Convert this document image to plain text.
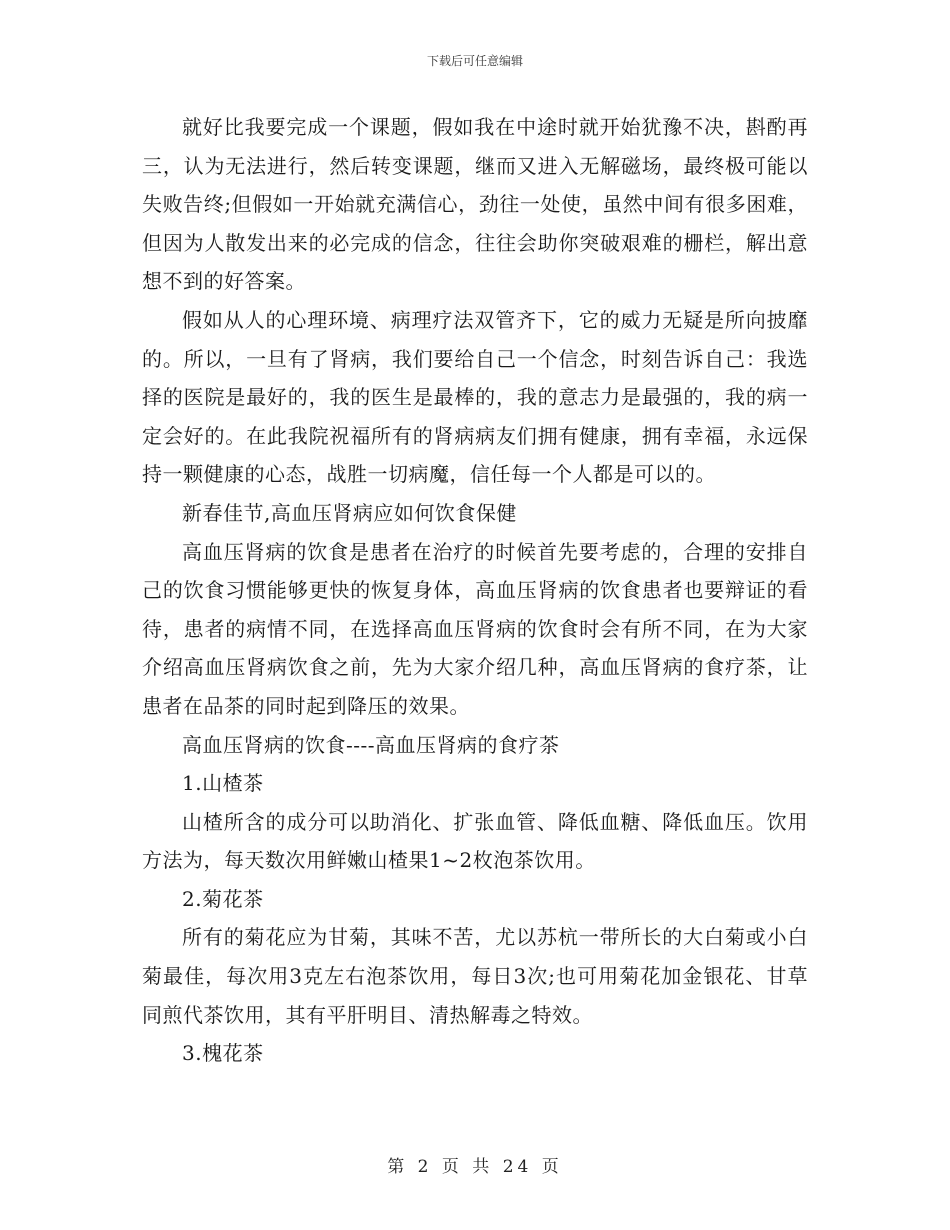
下载后可任意编辑

就好比我要完成一个课题，假如我在中途时就开始犹豫不决，斟酌再三，认为无法进行，然后转变课题，继而又进入无解磁场，最终极可能以失败告终;但假如一开始就充满信心，劲往一处使，虽然中间有很多困难，但因为人散发出来的必完成的信念，往往会助你突破艰难的栅栏，解出意想不到的好答案。

假如从人的心理环境、病理疗法双管齐下，它的威力无疑是所向披靡的。所以，一旦有了肾病，我们要给自己一个信念，时刻告诉自己：我选择的医院是最好的，我的医生是最棒的，我的意志力是最强的，我的病一定会好的。在此我院祝福所有的肾病病友们拥有健康，拥有幸福，永远保持一颗健康的心态，战胜一切病魔，信任每一个人都是可以的。

新春佳节,高血压肾病应如何饮食保健

高血压肾病的饮食是患者在治疗的时候首先要考虑的，合理的安排自己的饮食习惯能够更快的恢复身体，高血压肾病的饮食患者也要辩证的看待，患者的病情不同，在选择高血压肾病的饮食时会有所不同，在为大家介绍高血压肾病饮食之前，先为大家介绍几种，高血压肾病的食疗茶，让患者在品茶的同时起到降压的效果。

高血压肾病的饮食----高血压肾病的食疗茶

1.山楂茶

山楂所含的成分可以助消化、扩张血管、降低血糖、降低血压。饮用方法为，每天数次用鲜嫩山楂果1~2枚泡茶饮用。

2.菊花茶

所有的菊花应为甘菊，其味不苦，尤以苏杭一带所长的大白菊或小白菊最佳，每次用3克左右泡茶饮用，每日3次;也可用菊花加金银花、甘草同煎代茶饮用，其有平肝明目、清热解毒之特效。

3.槐花茶

第 2 页 共 24 页
